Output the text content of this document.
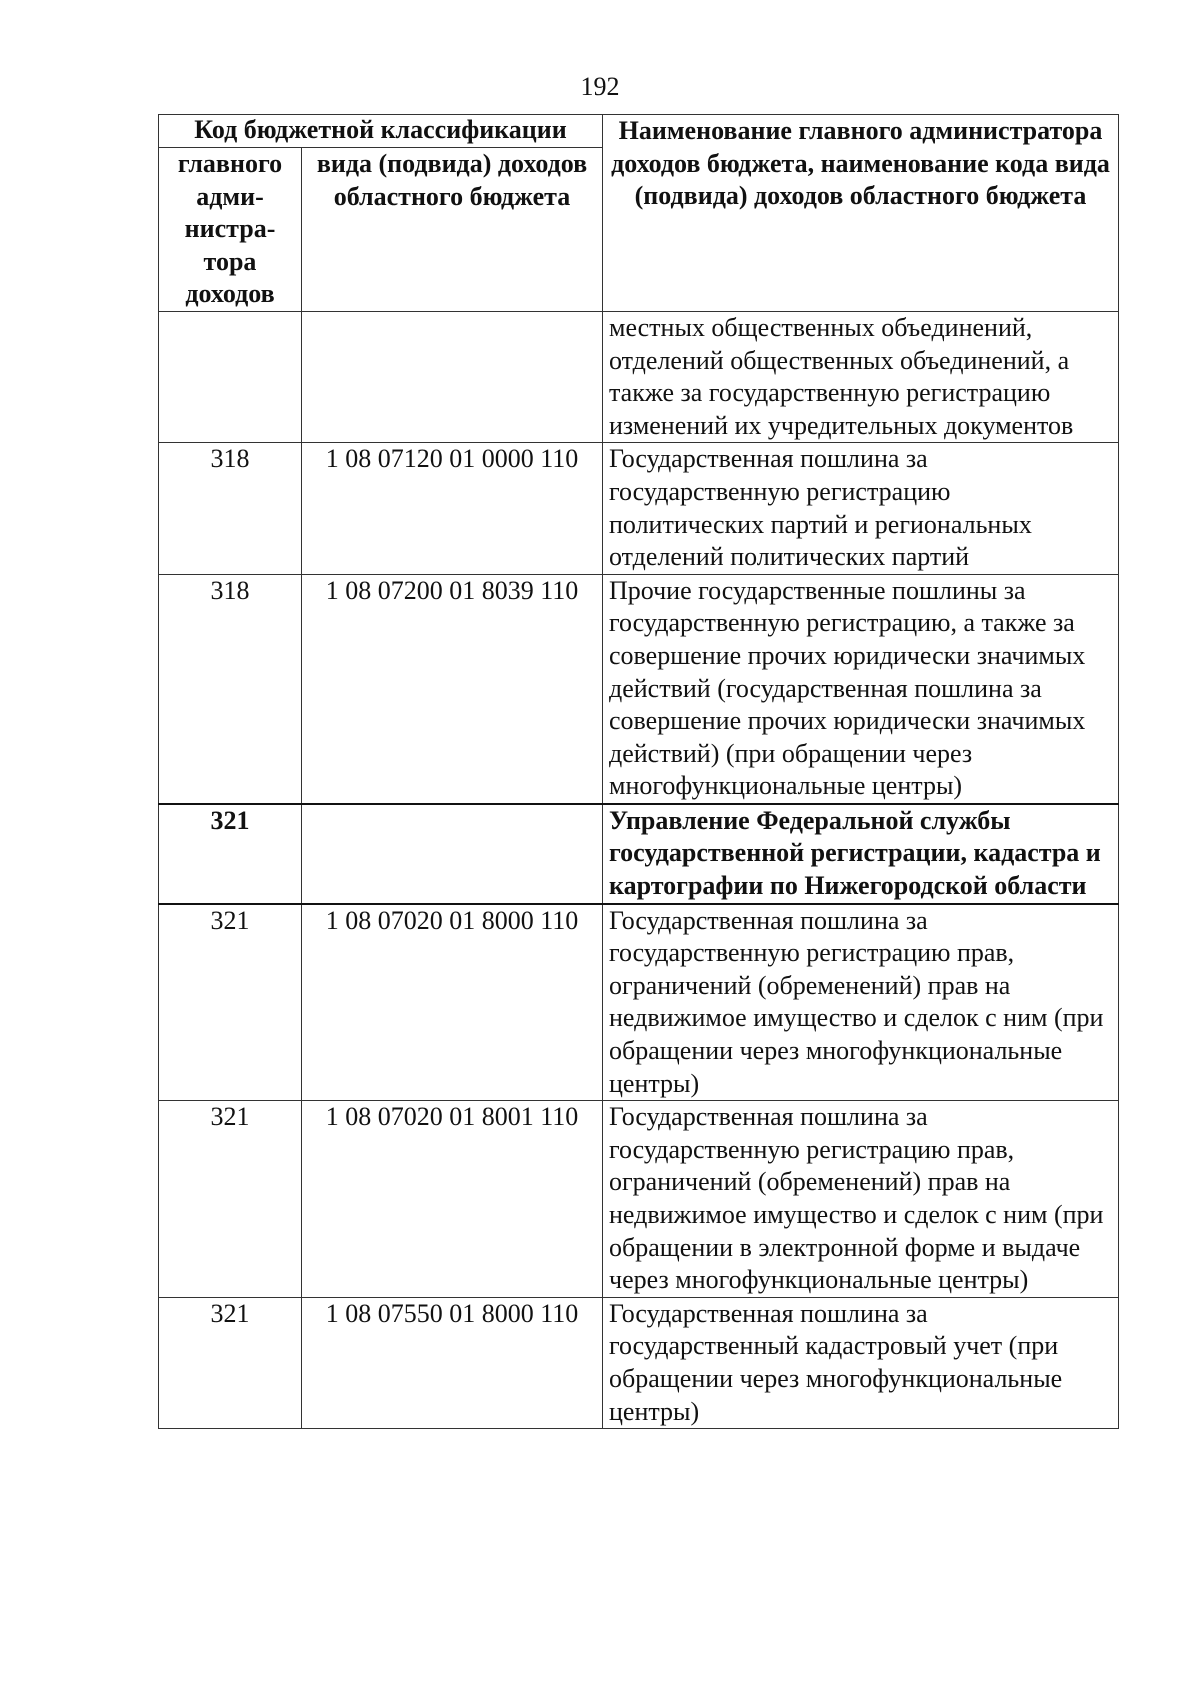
192
Код бюджетной классификации		Наименование главного администратора доходов бюджета, наименование кода вида (подвида) доходов областного бюджета
главного адми-нистра-тора доходов	вида (подвида) доходов областного бюджета	
		местных общественных объединений, отделений общественных объединений, а также за государственную регистрацию изменений их учредительных документов
318	1 08 07120 01 0000 110	Государственная пошлина за государственную регистрацию политических партий и региональных отделений политических партий
318	1 08 07200 01 8039 110	Прочие государственные пошлины за государственную регистрацию, а также за совершение прочих юридически значимых действий (государственная пошлина за совершение прочих юридически значимых действий) (при обращении через многофункциональные центры)
321		Управление Федеральной службы государственной регистрации, кадастра и картографии по Нижегородской области
321	1 08 07020 01 8000 110	Государственная пошлина за государственную регистрацию прав, ограничений (обременений) прав на недвижимое имущество и сделок с ним (при обращении через многофункциональные центры)
321	1 08 07020 01 8001 110	Государственная пошлина за государственную регистрацию прав, ограничений (обременений) прав на недвижимое имущество и сделок с ним (при обращении в электронной форме и выдаче через многофункциональные центры)
321	1 08 07550 01 8000 110	Государственная пошлина за государственный кадастровый учет (при обращении через многофункциональные центры)
